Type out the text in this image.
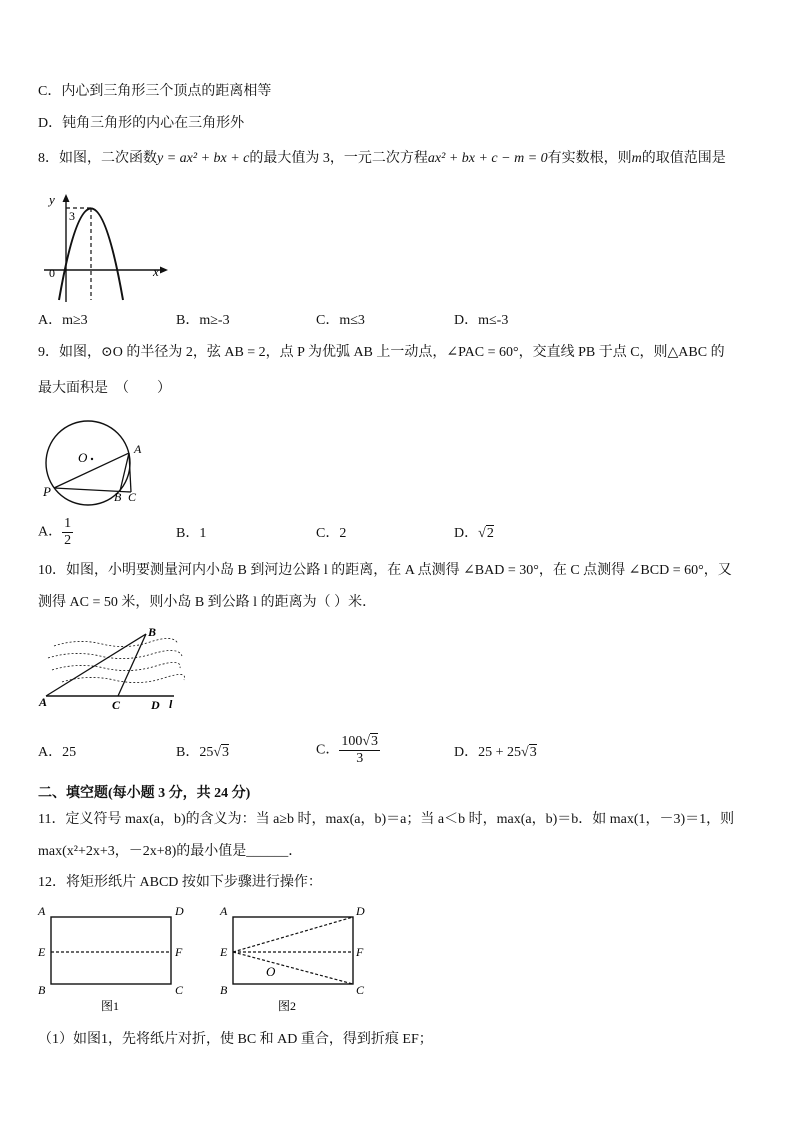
C．内心到三角形三个顶点的距离相等
D．钝角三角形的内心在三角形外
8．如图，二次函数y = ax² + bx + c的最大值为 3，一元二次方程ax² + bx + c − m = 0有实数根，则m的取值范围是
y
x
0
3
A．m≥3	B．m≥-3	C．m≤3	D．m≤-3
9．如图，⊙O 的半径为 2，弦 AB = 2，点 P 为优弧 AB 上一动点，∠PAC = 60°，交直线 PB 于点 C，则△ABC 的
最大面积是　（　　）
O
A
P	B C
A． $\frac{1}{2}$	B．1	C．2	D．√2
10．如图，小明要测量河内小岛 B 到河边公路 l 的距离，在 A 点测得 ∠BAD = 30°，在 C 点测得 ∠BCD = 60°，又
测得 AC = 50 米，则小岛 B 到公路 l 的距离为（ ）米．
B
A	C	D l
A．25	B．25√3	C． $\frac{100√3}{3}$	D．25 + 25√3
二、填空题(每小题 3 分，共 24 分)
11．定义符号 max(a，b)的含义为：当 a≥b 时，max(a，b)＝a；当 a＜b 时，max(a，b)＝b．如 max(1，－3)＝1，则
max(x²+2x+3，－2x+8)的最小值是______．
12．将矩形纸片 ABCD 按如下步骤进行操作：
A	D
E	F
B	C
图1
A	D
E	F
B	C
O
图2
（1）如图1，先将纸片对折，使 BC 和 AD 重合，得到折痕 EF；
